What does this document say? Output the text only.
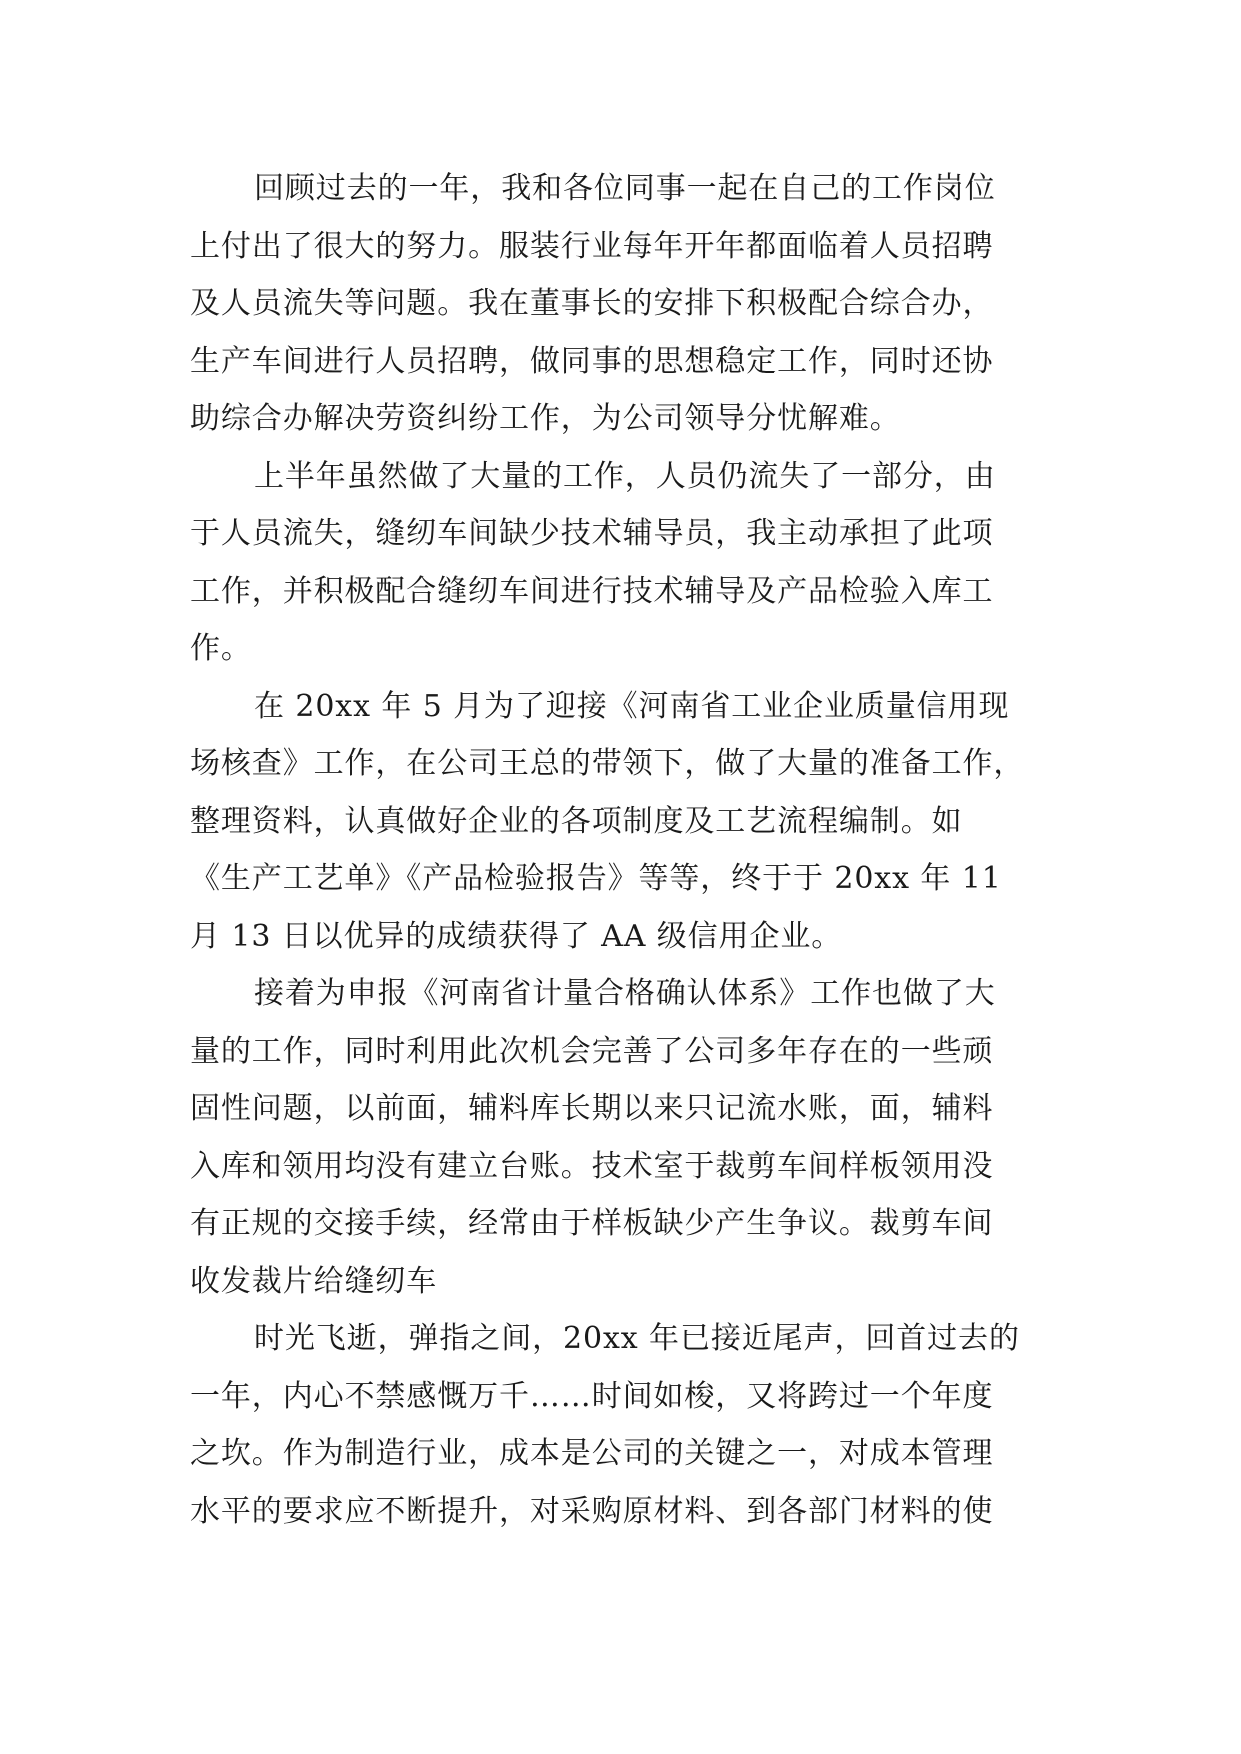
回顾过去的一年，我和各位同事一起在自己的工作岗位
上付出了很大的努力。服装行业每年开年都面临着人员招聘
及人员流失等问题。我在董事长的安排下积极配合综合办，
生产车间进行人员招聘，做同事的思想稳定工作，同时还协
助综合办解决劳资纠纷工作，为公司领导分忧解难。
上半年虽然做了大量的工作，人员仍流失了一部分，由
于人员流失，缝纫车间缺少技术辅导员，我主动承担了此项
工作，并积极配合缝纫车间进行技术辅导及产品检验入库工
作。
在 20xx 年 5 月为了迎接《河南省工业企业质量信用现
场核查》工作，在公司王总的带领下，做了大量的准备工作，
整理资料，认真做好企业的各项制度及工艺流程编制。如
《生产工艺单》《产品检验报告》等等，终于于 20xx 年 11
月 13 日以优异的成绩获得了 AA 级信用企业。
接着为申报《河南省计量合格确认体系》工作也做了大
量的工作，同时利用此次机会完善了公司多年存在的一些顽
固性问题，以前面，辅料库长期以来只记流水账，面，辅料
入库和领用均没有建立台账。技术室于裁剪车间样板领用没
有正规的交接手续，经常由于样板缺少产生争议。裁剪车间
收发裁片给缝纫车
时光飞逝，弹指之间，20xx 年已接近尾声，回首过去的
一年，内心不禁感慨万千……时间如梭，又将跨过一个年度
之坎。作为制造行业，成本是公司的关键之一，对成本管理
水平的要求应不断提升，对采购原材料、到各部门材料的使
